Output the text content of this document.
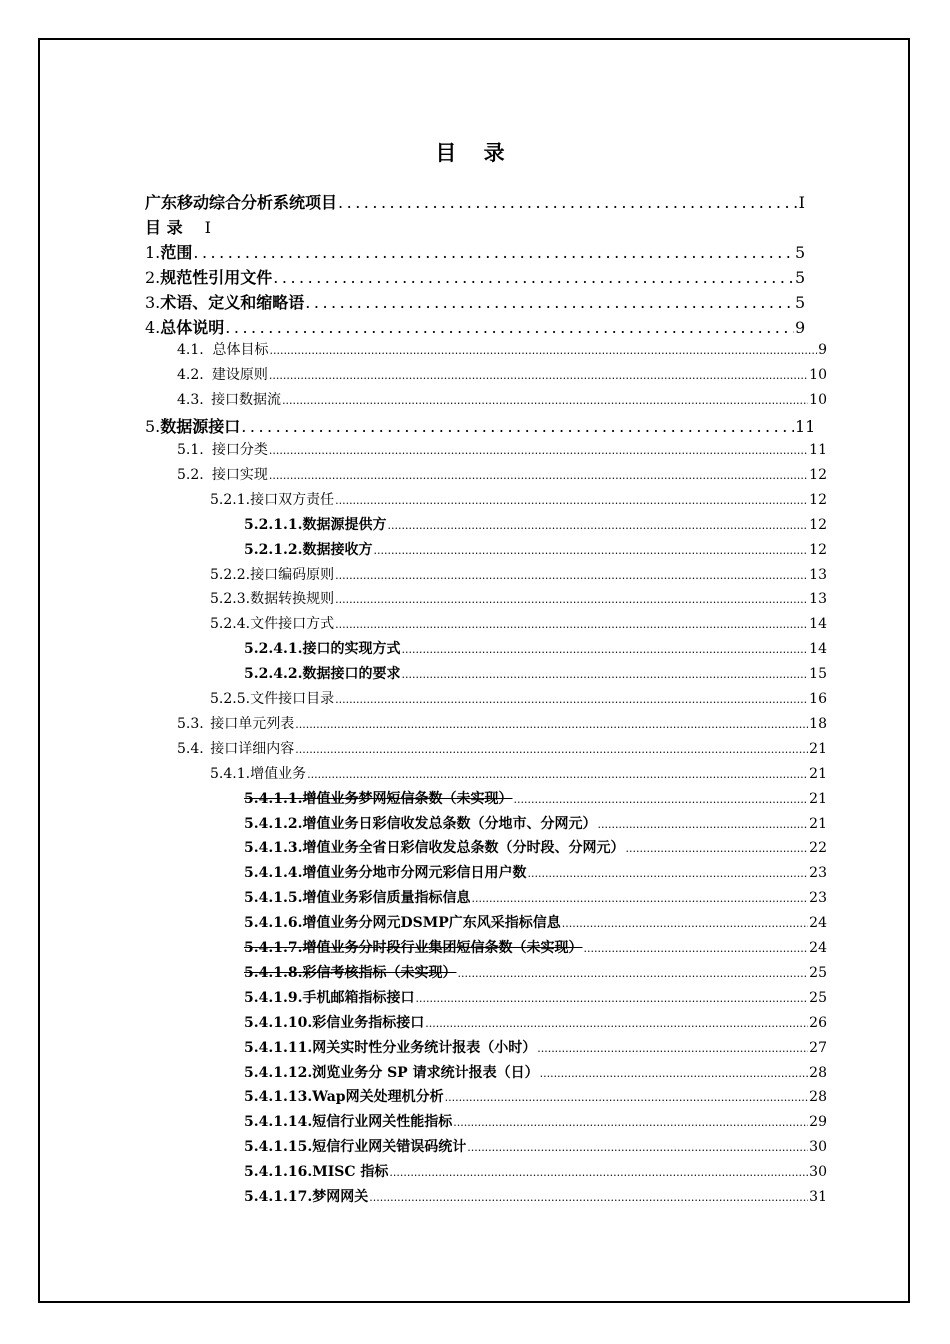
目 录
广东移动综合分析系统项目 .....	I
目 录 I
1. 范围 .....	5
2. 规范性引用文件 .....	5
3. 术语、定义和缩略语 .....	5
4. 总体说明 .....	9
4.1. 总体目标 .....	9
4.2. 建设原则 .....	10
4.3. 接口数据流 .....	10
5. 数据源接口 .....	11
5.1. 接口分类 .....	11
5.2. 接口实现 .....	12
5.2.1. 接口双方责任 .....	12
5.2.1.1. 数据源提供方 .....	12
5.2.1.2. 数据接收方 .....	12
5.2.2. 接口编码原则 .....	13
5.2.3. 数据转换规则 .....	13
5.2.4. 文件接口方式 .....	14
5.2.4.1. 接口的实现方式 .....	14
5.2.4.2. 数据接口的要求 .....	15
5.2.5. 文件接口目录 .....	16
5.3. 接口单元列表 .....	18
5.4. 接口详细内容 .....	21
5.4.1. 增值业务 .....	21
5.4.1.1. 增值业务梦网短信条数（未实现） .....	21
5.4.1.2. 增值业务日彩信收发总条数（分地市、分网元） .....	21
5.4.1.3. 增值业务全省日彩信收发总条数（分时段、分网元） .....	22
5.4.1.4. 增值业务分地市分网元彩信日用户数 .....	23
5.4.1.5. 增值业务彩信质量指标信息 .....	23
5.4.1.6. 增值业务分网元DSMP广东风采指标信息 .....	24
5.4.1.7. 增值业务分时段行业集团短信条数（未实现） .....	24
5.4.1.8. 彩信考核指标（未实现） .....	25
5.4.1.9. 手机邮箱指标接口 .....	25
5.4.1.10. 彩信业务指标接口 .....	26
5.4.1.11. 网关实时性分业务统计报表（小时） .....	27
5.4.1.12. 浏览业务分 SP 请求统计报表（日） .....	28
5.4.1.13. Wap网关处理机分析 .....	28
5.4.1.14. 短信行业网关性能指标 .....	29
5.4.1.15. 短信行业网关错误码统计 .....	30
5.4.1.16. MISC 指标 .....	30
5.4.1.17. 梦网网关 .....	31
